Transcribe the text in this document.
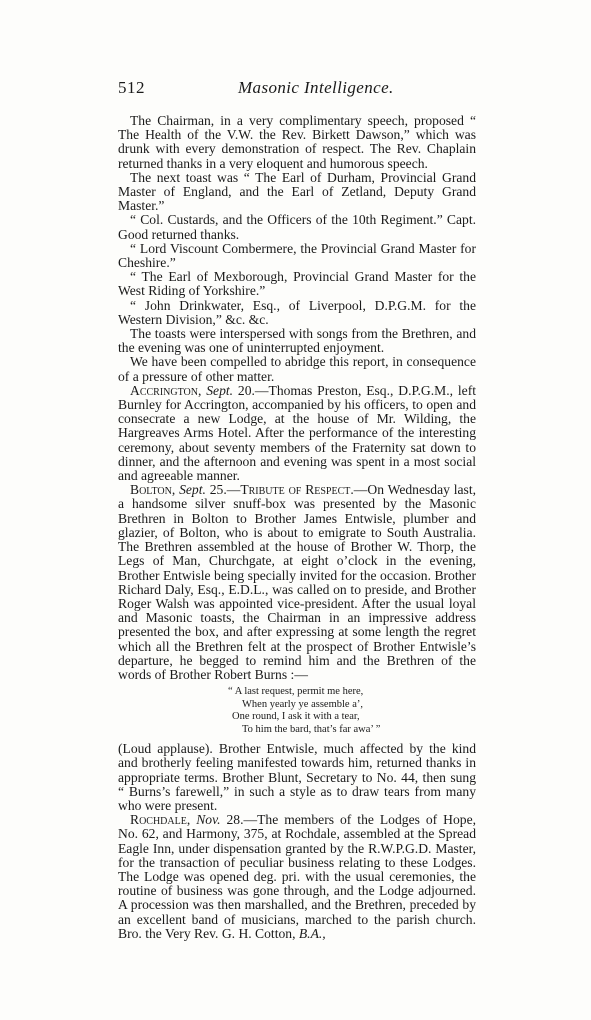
512	Masonic Intelligence.

The Chairman, in a very complimentary speech, proposed “ The Health of the V.W. the Rev. Birkett Dawson,” which was drunk with every demonstration of respect. The Rev. Chaplain returned thanks in a very eloquent and humorous speech.

The next toast was “ The Earl of Durham, Provincial Grand Master of England, and the Earl of Zetland, Deputy Grand Master.”

“ Col. Custards, and the Officers of the 10th Regiment.” Capt. Good returned thanks.

“ Lord Viscount Combermere, the Provincial Grand Master for Cheshire.”

“ The Earl of Mexborough, Provincial Grand Master for the West Riding of Yorkshire.”

“ John Drinkwater, Esq., of Liverpool, D.P.G.M. for the Western Division,” &c. &c.

The toasts were interspersed with songs from the Brethren, and the evening was one of uninterrupted enjoyment.

We have been compelled to abridge this report, in consequence of a pressure of other matter.

Accrington, Sept. 20.—Thomas Preston, Esq., D.P.G.M., left Burnley for Accrington, accompanied by his officers, to open and consecrate a new Lodge, at the house of Mr. Wilding, the Hargreaves Arms Hotel. After the performance of the interesting ceremony, about seventy members of the Fraternity sat down to dinner, and the afternoon and evening was spent in a most social and agreeable manner.

Bolton, Sept. 25.—Tribute of Respect.—On Wednesday last, a handsome silver snuff-box was presented by the Masonic Brethren in Bolton to Brother James Entwisle, plumber and glazier, of Bolton, who is about to emigrate to South Australia. The Brethren assembled at the house of Brother W. Thorp, the Legs of Man, Churchgate, at eight o’clock in the evening, Brother Entwisle being specially invited for the occasion. Brother Richard Daly, Esq., E.D.L., was called on to preside, and Brother Roger Walsh was appointed vice-president. After the usual loyal and Masonic toasts, the Chairman in an impressive address presented the box, and after expressing at some length the regret which all the Brethren felt at the prospect of Brother Entwisle’s departure, he begged to remind him and the Brethren of the words of Brother Robert Burns :—

“ A last request, permit me here,
When yearly ye assemble a’,
One round, I ask it with a tear,
To him the bard, that’s far awa’ ”

(Loud applause). Brother Entwisle, much affected by the kind and brotherly feeling manifested towards him, returned thanks in appropriate terms. Brother Blunt, Secretary to No. 44, then sung “ Burns’s farewell,” in such a style as to draw tears from many who were present.

Rochdale, Nov. 28.—The members of the Lodges of Hope, No. 62, and Harmony, 375, at Rochdale, assembled at the Spread Eagle Inn, under dispensation granted by the R.W.P.G.D. Master, for the transaction of peculiar business relating to these Lodges. The Lodge was opened deg. pri. with the usual ceremonies, the routine of business was gone through, and the Lodge adjourned. A procession was then marshalled, and the Brethren, preceded by an excellent band of musicians, marched to the parish church. Bro. the Very Rev. G. H. Cotton, B.A.,
